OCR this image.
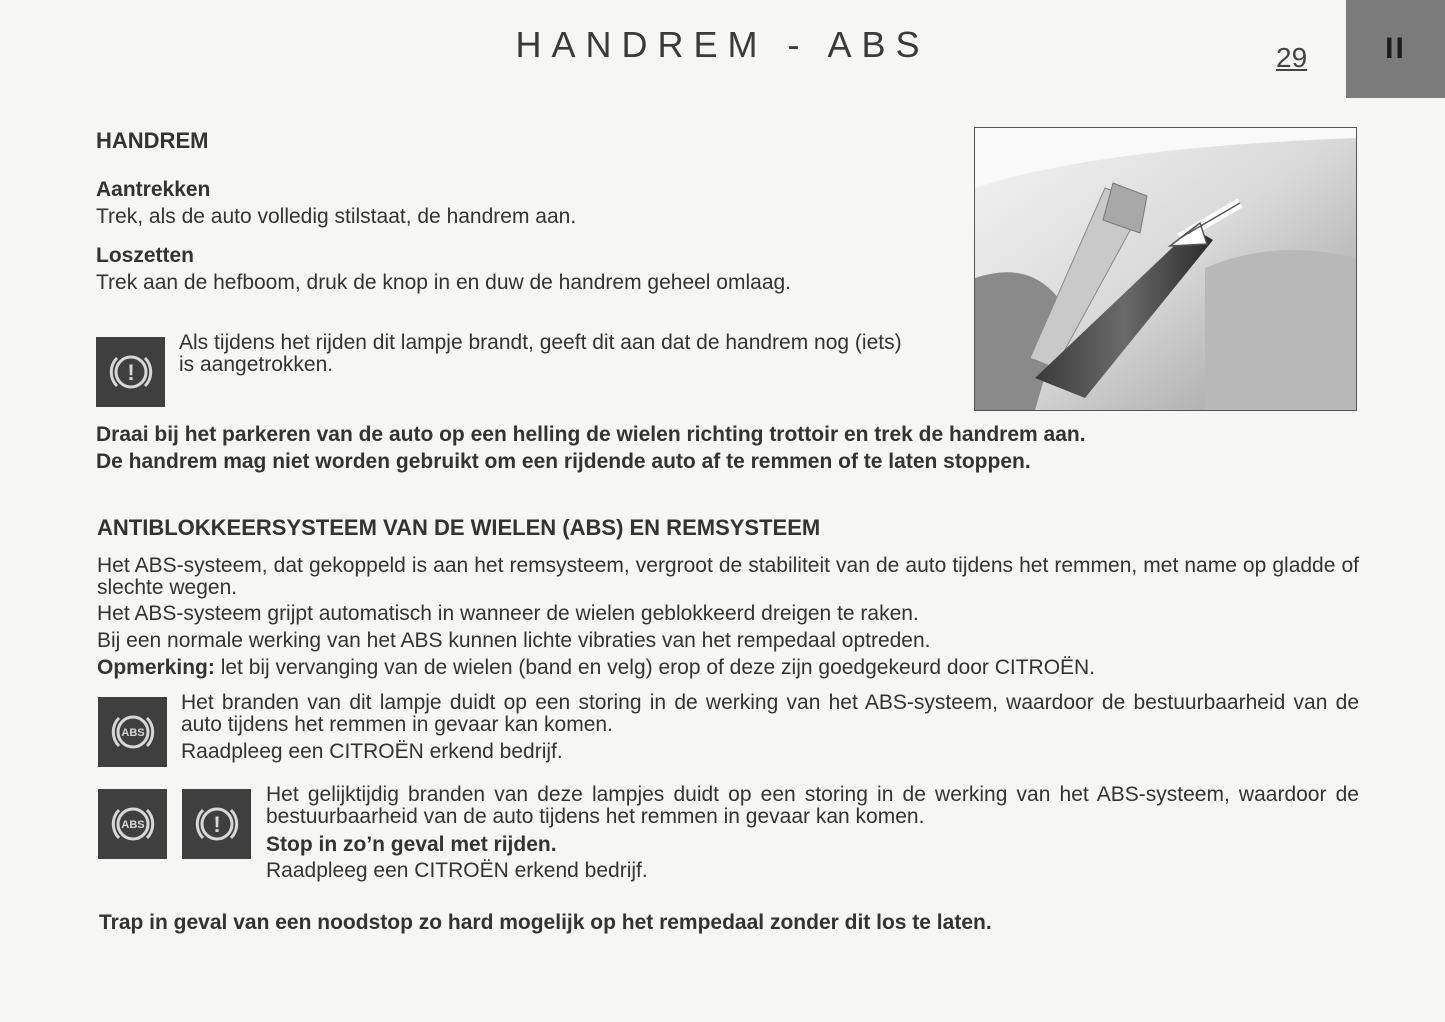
HANDREM - ABS	29	II
HANDREM
Aantrekken
Trek, als de auto volledig stilstaat, de handrem aan.
Loszetten
Trek aan de hefboom, druk de knop in en duw de handrem geheel omlaag.
!
Als tijdens het rijden dit lampje brandt, geeft dit aan dat de handrem nog (iets) is aangetrokken.
Draai bij het parkeren van de auto op een helling de wielen richting trottoir en trek de handrem aan.
De handrem mag niet worden gebruikt om een rijdende auto af te remmen of te laten stoppen.
ANTIBLOKKEERSYSTEEM VAN DE WIELEN (ABS) EN REMSYSTEEM
Het ABS-systeem, dat gekoppeld is aan het remsysteem, vergroot de stabiliteit van de auto tijdens het remmen, met name op gladde of slechte wegen.
Het ABS-systeem grijpt automatisch in wanneer de wielen geblokkeerd dreigen te raken.
Bij een normale werking van het ABS kunnen lichte vibraties van het rempedaal optreden.
Opmerking: let bij vervanging van de wielen (band en velg) erop of deze zijn goedgekeurd door CITROËN.
ABS
Het branden van dit lampje duidt op een storing in de werking van het ABS-systeem, waardoor de bestuurbaarheid van de auto tijdens het remmen in gevaar kan komen.
Raadpleeg een CITROËN erkend bedrijf.
ABS	!
Het gelijktijdig branden van deze lampjes duidt op een storing in de werking van het ABS-systeem, waardoor de bestuurbaarheid van de auto tijdens het remmen in gevaar kan komen.
Stop in zo’n geval met rijden.
Raadpleeg een CITROËN erkend bedrijf.
Trap in geval van een noodstop zo hard mogelijk op het rempedaal zonder dit los te laten.
